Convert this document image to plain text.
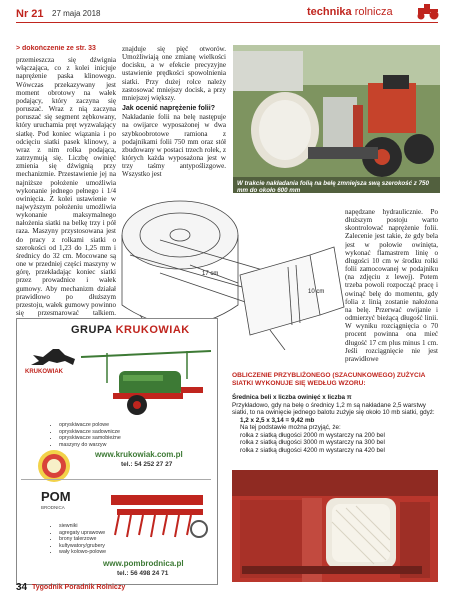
Nr 21 27 maja 2018	technika rolnicza

> dokończenie ze str. 33

przemieszcza się dźwignia włączająca, co z kolei inicjuje naprężenie paska klinowego. Wówczas przekazywany jest moment obrotowy na wałek podający, który zaczyna się poruszać. Wraz z nią zaczyna poruszać się segment zębkowany, który uruchamia pręt wyzwalający siatkę. Pod koniec wiązania i po odcięciu siatki pasek klinowy, a wraz z nim rolka podająca, zatrzymują się. Liczbę owinięć zmienia się dźwignią przy mechanizmie. Przestawienie jej na najniższe położenie umożliwia wykonanie jednego pełnego i 1/4 owinięcia. Z kolei ustawienie w najwyższym położeniu umożliwia wykonanie maksymalnego nałożenia siatki na belkę trzy i pół raza. Maszyny przystosowana jest do pracy z rolkami siatki o szerokości od 1,23 do 1,25 mm i średnicy do 32 cm. Mocowane są one w przedniej części maszyny w górę, przekładając koniec siatki przez prowadnice i wałek gumowy. Aby mechanizm działał prawidłowo po dłuższym przestoju, wałek gumowy powinno się przesmarować talkiem.

znajduje się pięć otworów. Umożliwiają one zmianę wielkości docisku, a w efekcie precyzyjne ustawienie prędkości spowolnienia siatki. Przy dużej rolce należy zastosować mniejszy docisk, a przy mniejszej większy.

Jak ocenić naprężenie folii?

Nakładanie folii na belę następuje na owijarce wyposażonej w dwa szybkoobrotowe ramiona z podajnikami folii 750 mm oraz stół zbudowany w postaci trzech rolek, z których każda wyposażona jest w trzy taśmy antypoślizgowe. Wszystko jest

W trakcie nakładania folią na belę zmniejsza swą szerokość z 750 mm do około 600 mm
17 cm
10 cm

napędzane hydraulicznie. Po dłuższym postoju warto skontrolować naprężenie folii. Zalecenie jest takie, że gdy bela jest w połowie owinięta, wykonać flamastrem linię o długości 10 cm w środku rolki folii zamocowanej w podajniku (na zdjęciu z lewej). Potem trzeba powoli rozpocząć pracę i owinąć belę do momentu, gdy folia z linią zostanie nałożona na belę. Przerwać owijanie i odmierzyć bieżącą długość linii. W wyniku rozciągnięcia o 70 procent powinna ona mieć długość 17 cm plus minus 1 cm. Jeśli rozciągnięcie nie jest prawidłowe

GRUPA KRUKOWIAK
KRUKOWIAK
• opryskiwacze polowe
• opryskiwacze sadownicze
• opryskiwacze samobieżne
• maszyny do warzyw
www.krukowiak.com.pl
tel.: 54 252 27 27
POM
BRODNICA
• siewniki
• agregaty uprawowe
• brony talerzowe
• kultywatory/grubery
• wały kolowo-polowe
www.pombrodnica.pl
tel.: 56 498 24 71
OBLICZENIE PRZYBLIŻONEGO (SZACUNKOWEGO) ZUŻYCIA SIATKI WYKONUJE SIĘ WEDŁUG WZORU:

Średnica beli x liczba owinięć x liczba π

Przykładowo, gdy na belę o średnicy 1,2 m są nakładane 2,5 warstwy siatki, to na owinięcie jednego balotu zużyje się około 10 mb siatki, gdyż:

1,2 x 2,5 x 3,14 = 9,42 mb

Na tej podstawie można przyjąć, że:

rolka z siatką długości 2000 m wystarczy na 200 bel

rolka z siatką długości 3000 m wystarczy na 300 bel

rolka z siatką długości 4200 m wystarczy na 420 bel

34 Tygodnik Poradnik Rolniczy
